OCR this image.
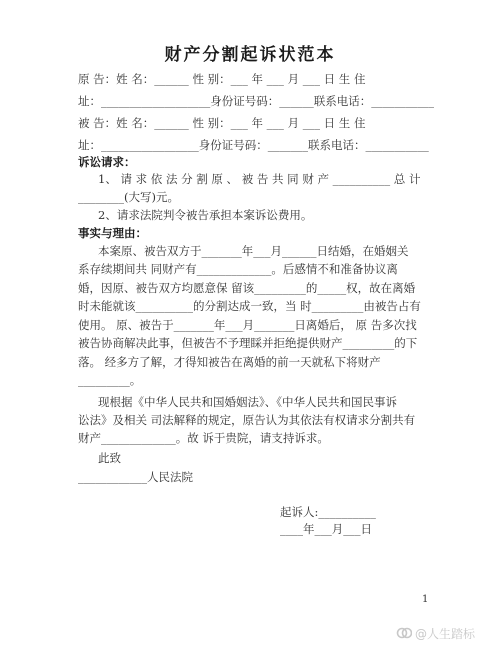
财产分割起诉状范本
原 告：姓 名：______ 性 别：___ 年 ___ 月 ___ 日 生 住
址：___________________身份证号码：______联系电话：___________
被 告：姓 名：______ 性 别：___ 年 ___ 月 ___ 日 生 住
址：_________________身份证号码：_______联系电话：___________
诉讼请求：
1、 请 求 依 法 分 割 原 、 被 告 共 同 财 产 __________ 总 计
________(大写)元。
2、请求法院判令被告承担本案诉讼费用。
事实与理由：
本案原、被告双方于_______年___月______日结婚，在婚姻关
系存续期间共 同财产有_____________。后感情不和准备协议离
婚，因原、被告双方均愿意保 留该_________的_____权，故在离婚
时未能就该__________的分割达成一致，当 时_________由被告占有
使用。 原、被告于_______年___月_______日离婚后， 原 告多次找
被告协商解决此事，但被告不予理睬并拒绝提供财产_________的下
落。 经多方了解，才得知被告在离婚的前一天就私下将财产
_________。
现根据《中华人民共和国婚姻法》、《中华人民共和国民事诉
讼法》及相关 司法解释的规定，原告认为其依法有权请求分割共有
财产_____________。故 诉于贵院，请支持诉求。
此致
____________人民法院
起诉人:__________
____年___月___日
1
@人生踏标
